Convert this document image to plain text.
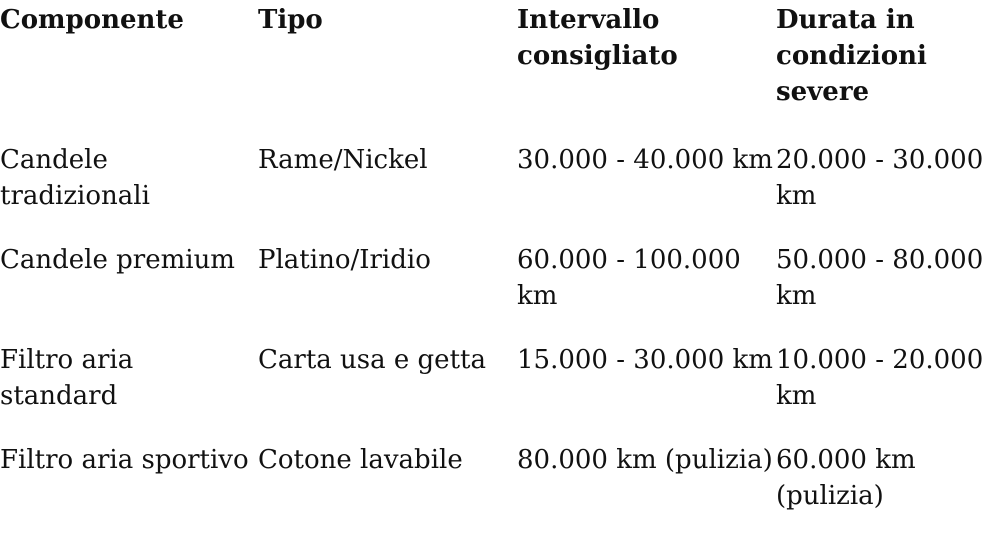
Componente	Tipo	Intervallo consigliato	Durata in condizioni severe

Candele tradizionali	Rame/Nickel	30.000 - 40.000 km	20.000 - 30.000 km

Candele premium	Platino/Iridio	60.000 - 100.000 km	50.000 - 80.000 km

Filtro aria standard	Carta usa e getta	15.000 - 30.000 km	10.000 - 20.000 km

Filtro aria sportivo	Cotone lavabile	80.000 km (pulizia)	60.000 km (pulizia)
